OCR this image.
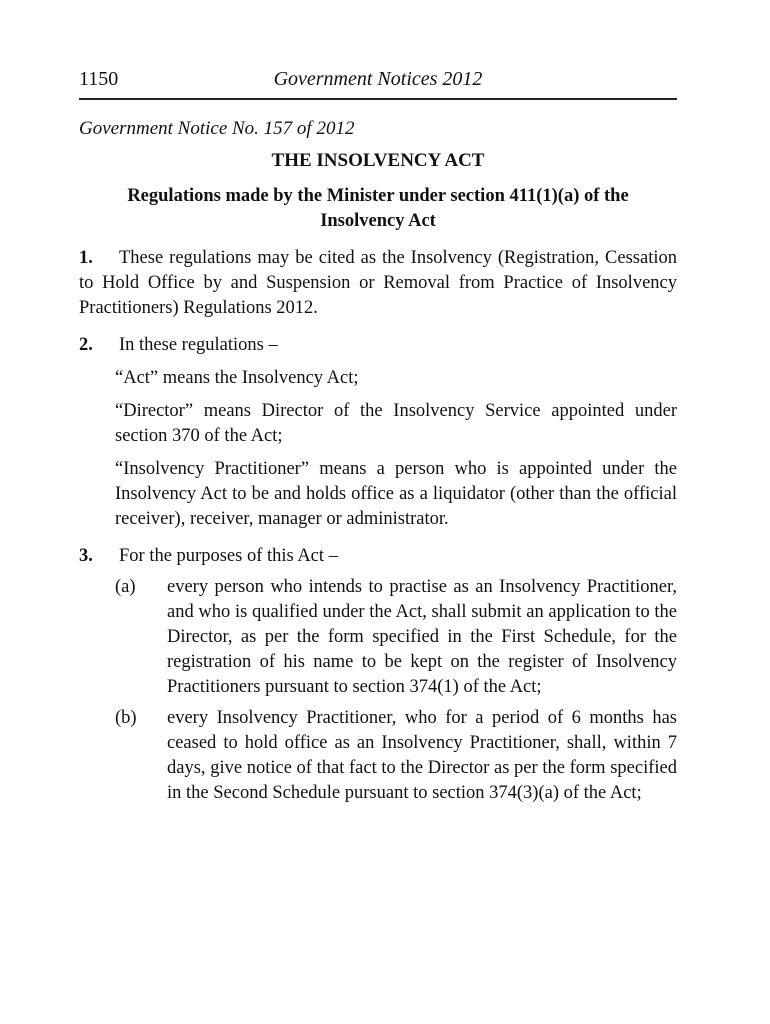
1150	Government Notices 2012
Government Notice No. 157 of 2012
THE INSOLVENCY ACT
Regulations made by the Minister under section 411(1)(a) of the Insolvency Act
1. These regulations may be cited as the Insolvency (Registration, Cessation to Hold Office by and Suspension or Removal from Practice of Insolvency Practitioners) Regulations 2012.
2. In these regulations –
“Act” means the Insolvency Act;
“Director” means Director of the Insolvency Service appointed under section 370 of the Act;
“Insolvency Practitioner” means a person who is appointed under the Insolvency Act to be and holds office as a liquidator (other than the official receiver), receiver, manager or administrator.
3. For the purposes of this Act –
(a)	every person who intends to practise as an Insolvency Practitioner, and who is qualified under the Act, shall submit an application to the Director, as per the form specified in the First Schedule, for the registration of his name to be kept on the register of Insolvency Practitioners pursuant to section 374(1) of the Act;
(b)	every Insolvency Practitioner, who for a period of 6 months has ceased to hold office as an Insolvency Practitioner, shall, within 7 days, give notice of that fact to the Director as per the form specified in the Second Schedule pursuant to section 374(3)(a) of the Act;
